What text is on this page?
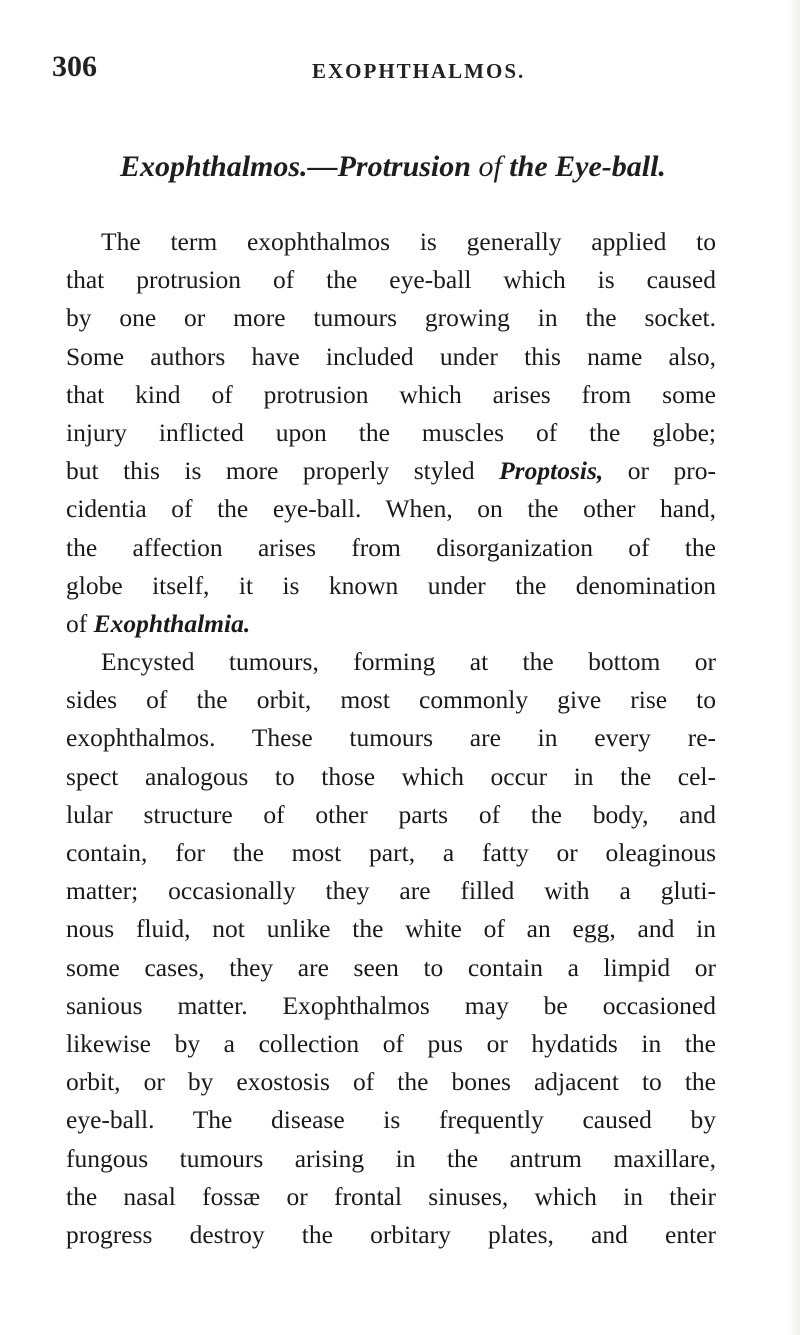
306	EXOPHTHALMOS.
Exophthalmos.—Protrusion of the Eye-ball.
The term exophthalmos is generally applied to
that protrusion of the eye-ball which is caused
by one or more tumours growing in the socket.
Some authors have included under this name also,
that kind of protrusion which arises from some
injury inflicted upon the muscles of the globe;
but this is more properly styled Proptosis, or pro-
cidentia of the eye-ball. When, on the other hand,
the affection arises from disorganization of the
globe itself, it is known under the denomination
of Exophthalmia.
Encysted tumours, forming at the bottom or
sides of the orbit, most commonly give rise to
exophthalmos. These tumours are in every re-
spect analogous to those which occur in the cel-
lular structure of other parts of the body, and
contain, for the most part, a fatty or oleaginous
matter; occasionally they are filled with a gluti-
nous fluid, not unlike the white of an egg, and in
some cases, they are seen to contain a limpid or
sanious matter. Exophthalmos may be occasioned
likewise by a collection of pus or hydatids in the
orbit, or by exostosis of the bones adjacent to the
eye-ball. The disease is frequently caused by
fungous tumours arising in the antrum maxillare,
the nasal fossæ or frontal sinuses, which in their
progress destroy the orbitary plates, and enter
